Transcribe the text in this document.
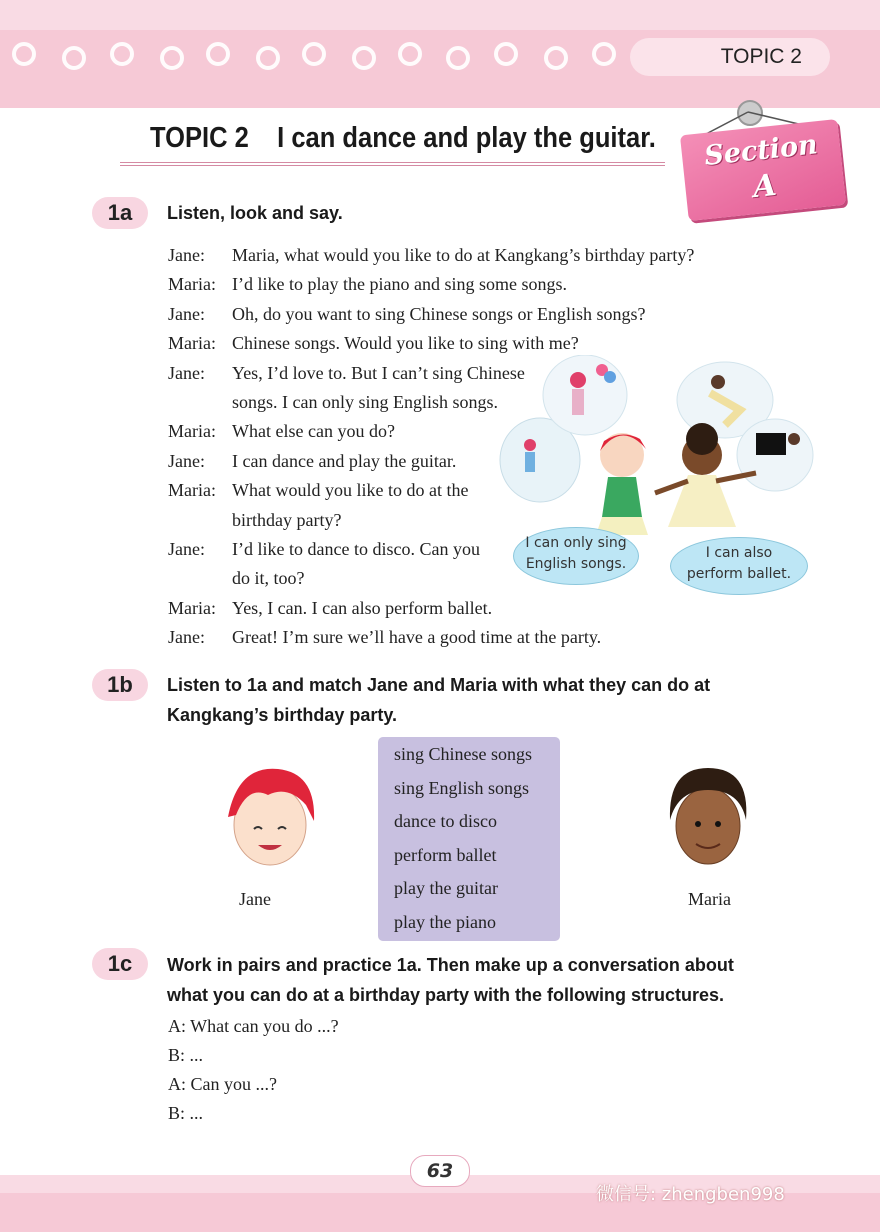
TOPIC 2
TOPIC 2    I can dance and play the guitar.	Section
A
1a	Listen, look and say.
Jane: Maria, what would you like to do at Kangkang’s birthday party?
Maria: I’d like to play the piano and sing some songs.
Jane: Oh, do you want to sing Chinese songs or English songs?
Maria: Chinese songs. Would you like to sing with me?
Jane: Yes, I’d love to. But I can’t sing Chinese
songs. I can only sing English songs.
Maria: What else can you do?
Jane: I can dance and play the guitar.
Maria: What would you like to do at the
birthday party?
Jane: I’d like to dance to disco. Can you
do it, too?
Maria: Yes, I can. I can also perform ballet.
Jane: Great! I’m sure we’ll have a good time at the party.
I can only sing
English songs.
I can also
perform ballet.
1b	Listen to 1a and match Jane and Maria with what they can do at
Kangkang’s birthday party.
Jane
sing Chinese songs
sing English songs
dance to disco
perform ballet
play the guitar
play the piano
Maria
1c	Work in pairs and practice 1a. Then make up a conversation about
what you can do at a birthday party with the following structures.
A: What can you do ...?
B: ...
A: Can you ...?
B: ...
63
微信号: zhengben998
